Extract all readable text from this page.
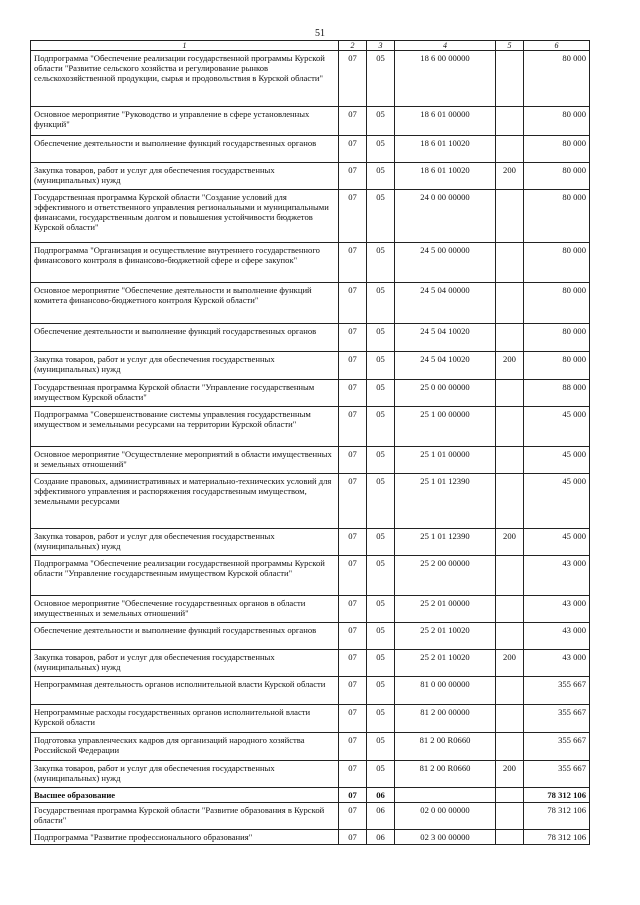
51
1	2	3	4	5	6
Подпрограмма "Обеспечение реализации государственной программы Курской области "Развитие сельского хозяйства и регулирование рынков сельскохозяйственной продукции, сырья и продовольствия в Курской области"	07	05	18 6 00 00000		80 000
Основное мероприятие "Руководство и управление в сфере установленных функций"	07	05	18 6 01 00000		80 000
Обеспечение деятельности и выполнение функций государственных органов	07	05	18 6 01 10020		80 000
Закупка товаров, работ и услуг для обеспечения государственных (муниципальных) нужд	07	05	18 6 01 10020	200	80 000
Государственная программа Курской области "Создание условий для эффективного и ответственного управления региональными и муниципальными финансами, государственным долгом и повышения устойчивости бюджетов Курской области"	07	05	24 0 00 00000		80 000
Подпрограмма "Организация и осуществление внутреннего государственного финансового контроля в финансово-бюджетной сфере и сфере закупок"	07	05	24 5 00 00000		80 000
Основное мероприятие "Обеспечение деятельности и выполнение функций комитета финансово-бюджетного контроля Курской области"	07	05	24 5 04 00000		80 000
Обеспечение деятельности и выполнение функций государственных органов	07	05	24 5 04 10020		80 000
Закупка товаров, работ и услуг для обеспечения государственных (муниципальных) нужд	07	05	24 5 04 10020	200	80 000
Государственная программа Курской области "Управление государственным имуществом Курской области"	07	05	25 0 00 00000		88 000
Подпрограмма "Совершенствование системы управления государственным имуществом и земельными ресурсами на территории Курской области"	07	05	25 1 00 00000		45 000
Основное мероприятие "Осуществление мероприятий в области имущественных и земельных отношений"	07	05	25 1 01 00000		45 000
Создание правовых, административных и материально-технических условий для эффективного управления и распоряжения государственным имуществом, земельными ресурсами	07	05	25 1 01 12390		45 000
Закупка товаров, работ и услуг для обеспечения государственных (муниципальных) нужд	07	05	25 1 01 12390	200	45 000
Подпрограмма "Обеспечение реализации государственной программы Курской области "Управление государственным имуществом Курской области"	07	05	25 2 00 00000		43 000
Основное мероприятие "Обеспечение государственных органов в области имущественных и земельных отношений"	07	05	25 2 01 00000		43 000
Обеспечение деятельности и выполнение функций государственных органов	07	05	25 2 01 10020		43 000
Закупка товаров, работ и услуг для обеспечения государственных (муниципальных) нужд	07	05	25 2 01 10020	200	43 000
Непрограммная деятельность органов исполнительной власти Курской области	07	05	81 0 00 00000		355 667
Непрограммные расходы государственных органов исполнительной власти Курской области	07	05	81 2 00 00000		355 667
Подготовка управленческих кадров для организаций народного хозяйства Российской Федерации	07	05	81 2 00 R0660		355 667
Закупка товаров, работ и услуг для обеспечения государственных (муниципальных) нужд	07	05	81 2 00 R0660	200	355 667
Высшее образование	07	06			78 312 106
Государственная программа Курской области "Развитие образования в Курской области"	07	06	02 0 00 00000		78 312 106
Подпрограмма "Развитие профессионального образования"	07	06	02 3 00 00000		78 312 106
